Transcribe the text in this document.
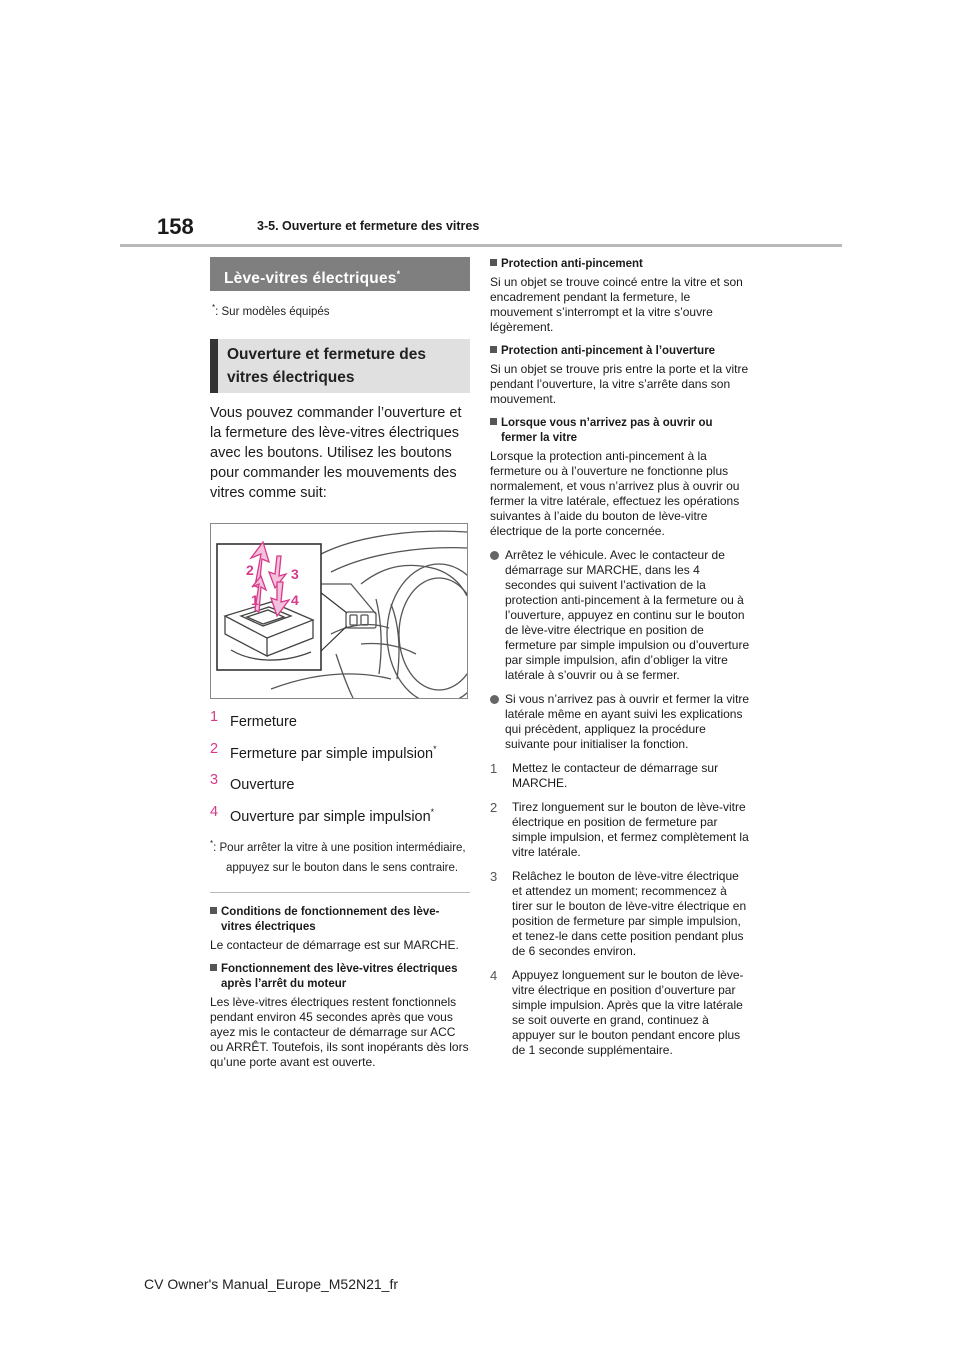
158	3-5. Ouverture et fermeture des vitres
Lève-vitres électriques*
*: Sur modèles équipés
Ouverture et fermeture des vitres électriques
Vous pouvez commander l’ouverture et la fermeture des lève-vitres électriques avec les boutons. Utilisez les boutons pour commander les mouvements des vitres comme suit:
2
1
3
4
1 Fermeture
2 Fermeture par simple impulsion*
3 Ouverture
4 Ouverture par simple impulsion*
*: Pour arrêter la vitre à une position intermédiaire, appuyez sur le bouton dans le sens contraire.
Conditions de fonctionnement des lève-vitres électriques
Le contacteur de démarrage est sur MARCHE.
Fonctionnement des lève-vitres électriques après l’arrêt du moteur
Les lève-vitres électriques restent fonctionnels pendant environ 45 secondes après que vous ayez mis le contacteur de démarrage sur ACC ou ARRÊT. Toutefois, ils sont inopérants dès lors qu’une porte avant est ouverte.
Protection anti-pincement
Si un objet se trouve coincé entre la vitre et son encadrement pendant la fermeture, le mouvement s’interrompt et la vitre s’ouvre légèrement.
Protection anti-pincement à l’ouverture
Si un objet se trouve pris entre la porte et la vitre pendant l’ouverture, la vitre s’arrête dans son mouvement.
Lorsque vous n’arrivez pas à ouvrir ou fermer la vitre
Lorsque la protection anti-pincement à la fermeture ou à l’ouverture ne fonctionne plus normalement, et vous n’arrivez plus à ouvrir ou fermer la vitre latérale, effectuez les opérations suivantes à l’aide du bouton de lève-vitre électrique de la porte concernée.
Arrêtez le véhicule. Avec le contacteur de démarrage sur MARCHE, dans les 4 secondes qui suivent l’activation de la protection anti-pincement à la fermeture ou à l’ouverture, appuyez en continu sur le bouton de lève-vitre électrique en position de fermeture par simple impulsion ou d’ouverture par simple impulsion, afin d’obliger la vitre latérale à s’ouvrir ou à se fermer.
Si vous n’arrivez pas à ouvrir et fermer la vitre latérale même en ayant suivi les explications qui précèdent, appliquez la procédure suivante pour initialiser la fonction.
1	Mettez le contacteur de démarrage sur MARCHE.
2	Tirez longuement sur le bouton de lève-vitre électrique en position de fermeture par simple impulsion, et fermez complètement la vitre latérale.
3	Relâchez le bouton de lève-vitre électrique et attendez un moment; recommencez à tirer sur le bouton de lève-vitre électrique en position de fermeture par simple impulsion, et tenez-le dans cette position pendant plus de 6 secondes environ.
4	Appuyez longuement sur le bouton de lève-vitre électrique en position d’ouverture par simple impulsion. Après que la vitre latérale se soit ouverte en grand, continuez à appuyer sur le bouton pendant encore plus de 1 seconde supplémentaire.
CV Owner's Manual_Europe_M52N21_fr
